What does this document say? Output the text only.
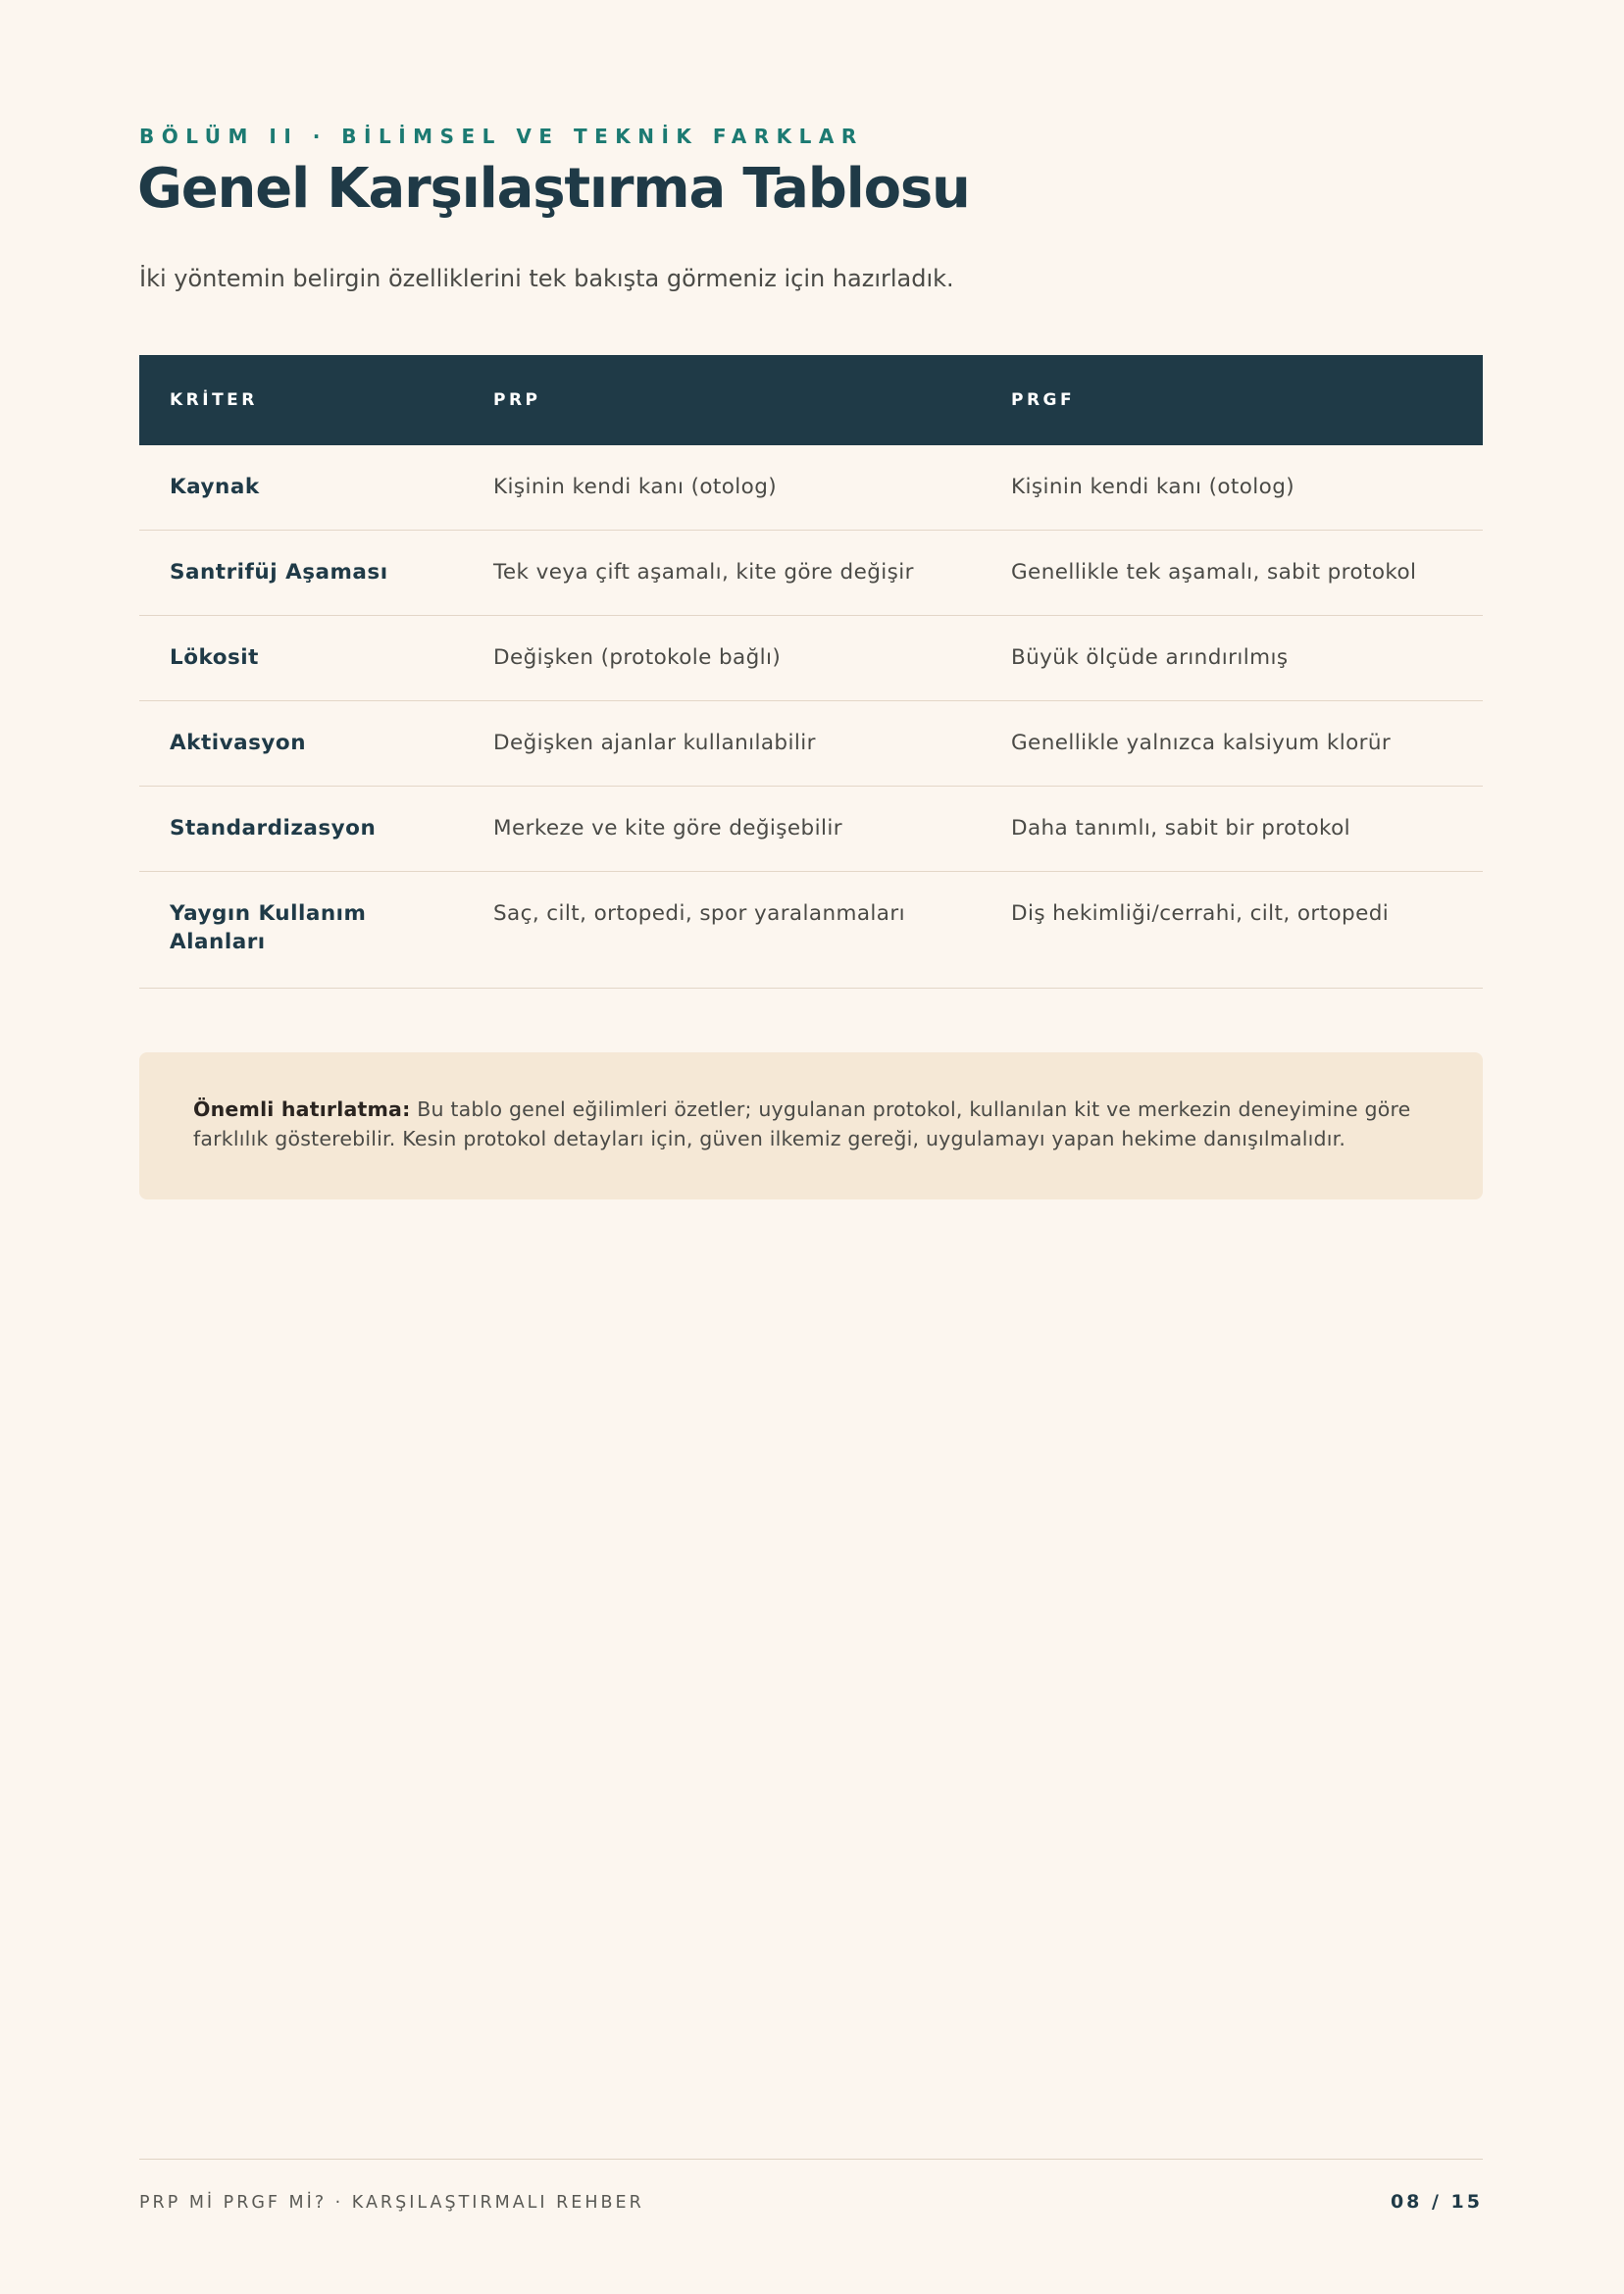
BÖLÜM II · BİLİMSEL VE TEKNİK FARKLAR
Genel Karşılaştırma Tablosu
İki yöntemin belirgin özelliklerini tek bakışta görmeniz için hazırladık.
KRİTER	PRP	PRGF
Kaynak	Kişinin kendi kanı (otolog)	Kişinin kendi kanı (otolog)
Santrifüj Aşaması	Tek veya çift aşamalı, kite göre değişir	Genellikle tek aşamalı, sabit protokol
Lökosit	Değişken (protokole bağlı)	Büyük ölçüde arındırılmış
Aktivasyon	Değişken ajanlar kullanılabilir	Genellikle yalnızca kalsiyum klorür
Standardizasyon	Merkeze ve kite göre değişebilir	Daha tanımlı, sabit bir protokol
Yaygın Kullanım Alanları	Saç, cilt, ortopedi, spor yaralanmaları	Diş hekimliği/cerrahi, cilt, ortopedi
Önemli hatırlatma: Bu tablo genel eğilimleri özetler; uygulanan protokol, kullanılan kit ve merkezin deneyimine göre farklılık gösterebilir. Kesin protokol detayları için, güven ilkemiz gereği, uygulamayı yapan hekime danışılmalıdır.
PRP Mİ PRGF Mİ? · KARŞILAŞTIRMALI REHBER	08 / 15
